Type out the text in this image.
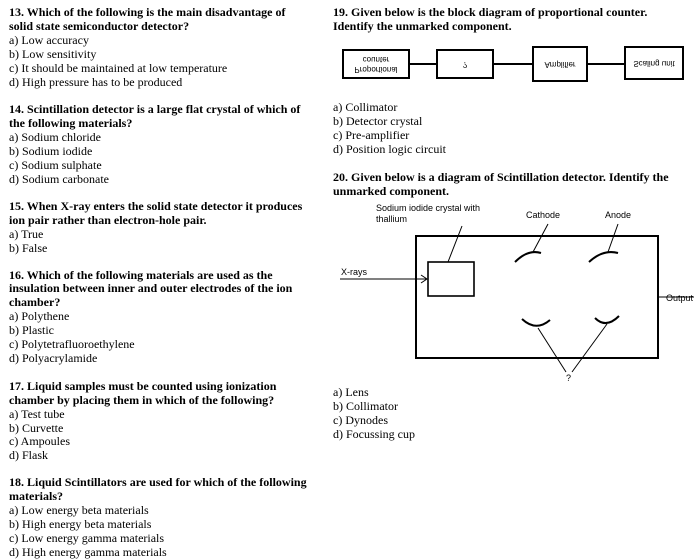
13. Which of the following is the main disadvantage of solid state semiconductor detector?

a) Low accuracy

b) Low sensitivity

c) It should be maintained at low temperature

d) High pressure has to be produced

14. Scintillation detector is a large flat crystal of which of the following materials?

a) Sodium chloride

b) Sodium iodide

c) Sodium sulphate

d) Sodium carbonate

15. When X-ray enters the solid state detector it produces ion pair rather than electron-hole pair.

a) True

b) False

16. Which of the following materials are used as the insulation between inner and outer electrodes of the ion chamber?

a) Polythene

b) Plastic

c) Polytetrafluoroethylene

d) Polyacrylamide

17. Liquid samples must be counted using ionization chamber by placing them in which of the following?

a) Test tube

b) Curvette

c) Ampoules

d) Flask

18. Liquid Scintillators are used for which of the following materials?

a) Low energy beta materials

b) High energy beta materials

c) Low energy gamma materials

d) High energy gamma materials

19. Given below is the block diagram of proportional counter. Identify the unmarked component.

Proportional
counter
?	Amplifier	Scaling unit

a) Collimator

b) Detector crystal

c) Pre-amplifier

d) Position logic circuit

20. Given below is a diagram of Scintillation detector. Identify the unmarked component.

Sodium iodide crystal with thallium	Cathode	Anode
X-rays
Output
?

a) Lens

b) Collimator

c) Dynodes

d) Focussing cup
